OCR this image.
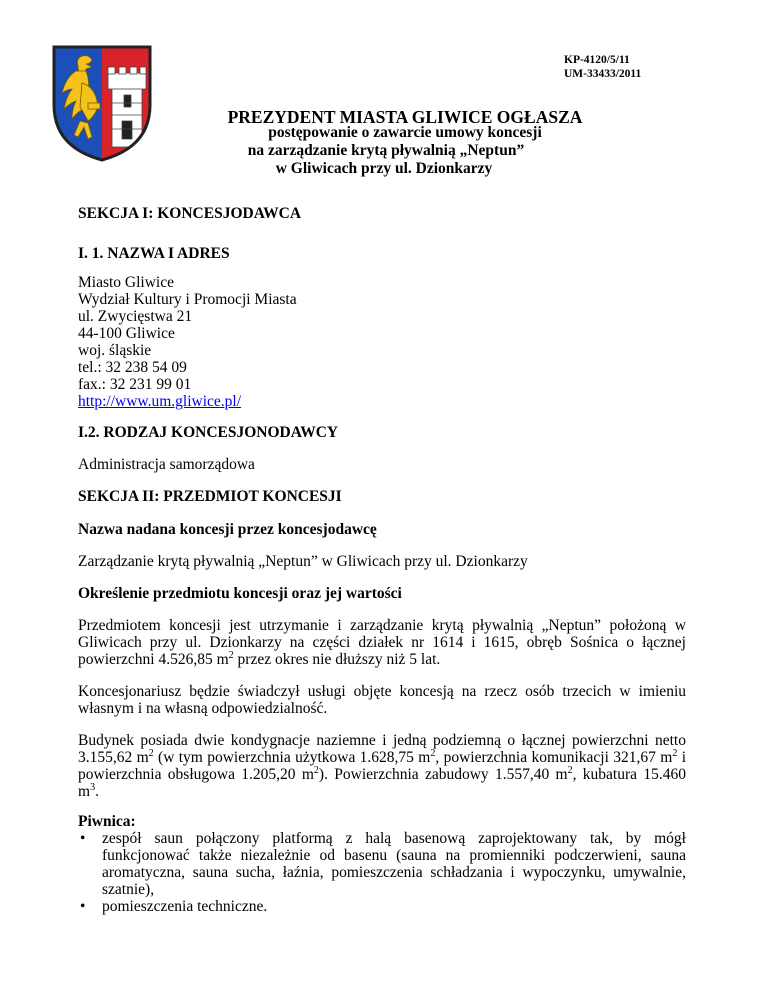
KP-4120/5/11
UM-33433/2011
PREZYDENT MIASTA GLIWICE OGŁASZA
postępowanie o zawarcie umowy koncesji
na zarządzanie krytą pływalnią „Neptun”
w Gliwicach przy ul. Dzionkarzy
SEKCJA I: KONCESJODAWCA
I. 1. NAZWA I ADRES
Miasto Gliwice
Wydział Kultury i Promocji Miasta
ul. Zwycięstwa 21
44-100 Gliwice
woj. śląskie
tel.: 32 238 54 09
fax.: 32 231 99 01
http://www.um.gliwice.pl/
I.2. RODZAJ KONCESJONODAWCY
Administracja samorządowa
SEKCJA II: PRZEDMIOT KONCESJI
Nazwa nadana koncesji przez koncesjodawcę
Zarządzanie krytą pływalnią „Neptun” w Gliwicach przy ul. Dzionkarzy
Określenie przedmiotu koncesji oraz jej wartości
Przedmiotem koncesji jest utrzymanie i zarządzanie krytą pływalnią „Neptun” położoną w Gliwicach przy ul. Dzionkarzy na części działek nr 1614 i 1615, obręb Sośnica o łącznej powierzchni 4.526,85 $m^2$ przez okres nie dłuższy niż 5 lat.
Koncesjonariusz będzie świadczył usługi objęte koncesją na rzecz osób trzecich w imieniu własnym i na własną odpowiedzialność.
Budynek posiada dwie kondygnacje naziemne i jedną podziemną o łącznej powierzchni netto 3.155,62 $m^2$ (w tym powierzchnia użytkowa 1.628,75 $m^2$, powierzchnia komunikacji 321,67 $m^2$ i powierzchnia obsługowa 1.205,20 $m^2$). Powierzchnia zabudowy 1.557,40 $m^2$, kubatura 15.460 $m^3$.
Piwnica:
• zespół saun połączony platformą z halą basenową zaprojektowany tak, by mógł funkcjonować także niezależnie od basenu (sauna na promienniki podczerwieni, sauna aromatyczna, sauna sucha, łaźnia, pomieszczenia schładzania i wypoczynku, umywalnie, szatnie),
• pomieszczenia techniczne.
